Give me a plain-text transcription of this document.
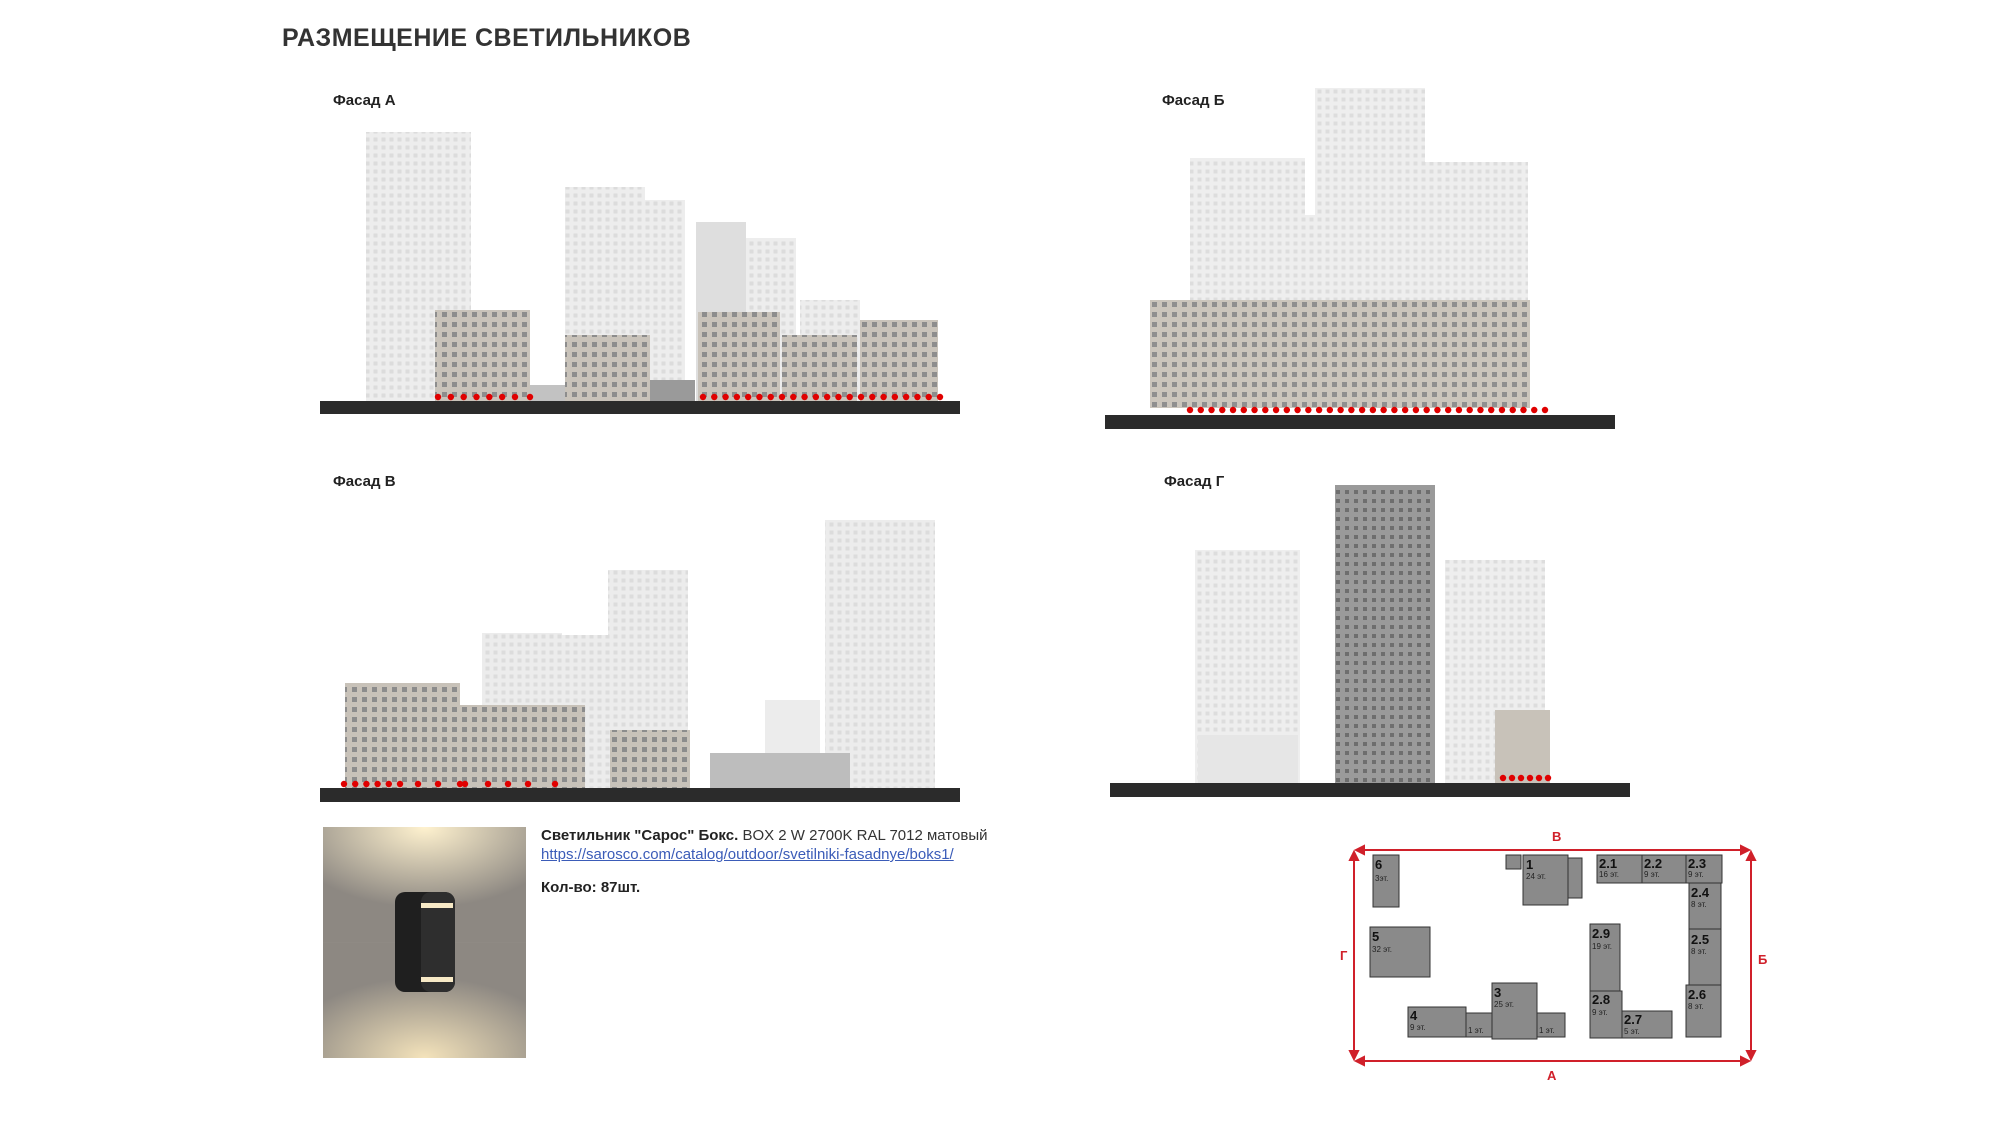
РАЗМЕЩЕНИЕ СВЕТИЛЬНИКОВ
Фасад А	Фасад Б
Фасад В	Фасад Г
Светильник "Сарос" Бокс. BOX 2 W 2700K RAL 7012 матовый
https://sarosco.com/catalog/outdoor/svetilniki-fasadnye/boks1/
Кол-во: 87шт.
В
А
Г	Б
6
3эт.
1
24 эт.
2.1
16 эт.
2.2
9 эт.
2.3
9 эт.
2.4
8 эт.
5
32 эт.
2.9
19 эт.	2.5
8 эт.
3
25 эт.	2.8
9 эт.
2.6
8 эт.
4
9 эт.	1 эт.	1 эт.
2.7
5 эт.
